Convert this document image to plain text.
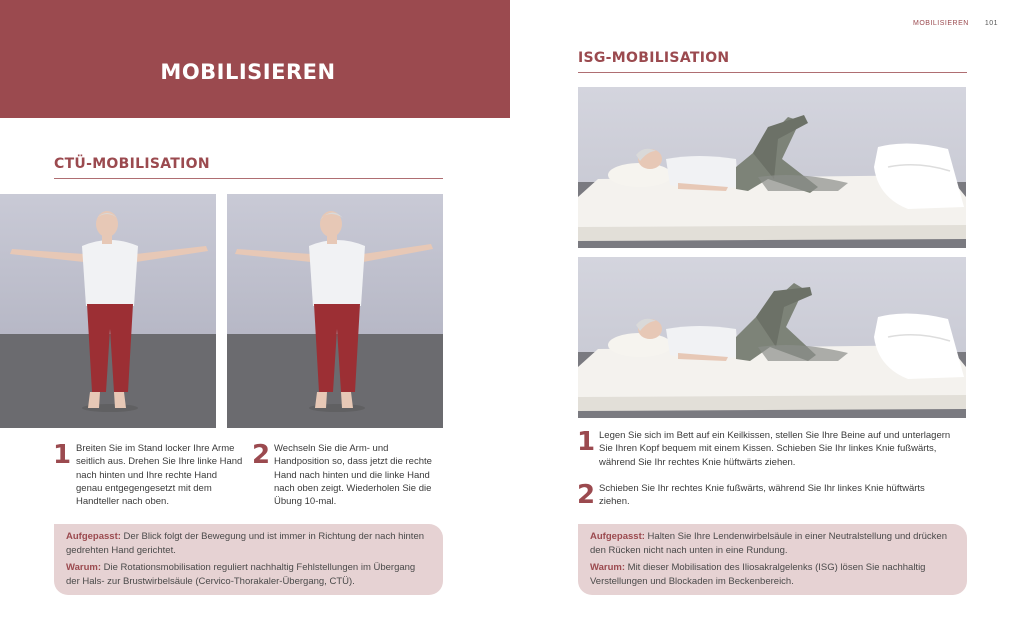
MOBILISIEREN
MOBILISIEREN 101
CTÜ-MOBILISATION
1 Breiten Sie im Stand locker Ihre Arme seitlich aus. Drehen Sie Ihre linke Hand nach hinten und Ihre rechte Hand genau entgegengesetzt mit dem Handteller nach oben.
2 Wechseln Sie die Arm- und Handposition so, dass jetzt die rechte Hand nach hinten und die linke Hand nach oben zeigt. Wiederholen Sie die Übung 10-mal.

Aufgepasst: Der Blick folgt der Bewegung und ist immer in Richtung der nach hinten gedrehten Hand gerichtet.

Warum: Die Rotationsmobilisation reguliert nachhaltig Fehlstellungen im Übergang der Hals- zur Brustwirbelsäule (Cervico-Thorakaler-Übergang, CTÜ).

ISG-MOBILISATION
1 Legen Sie sich im Bett auf ein Keilkissen, stellen Sie Ihre Beine auf und unterlagern Sie Ihren Kopf bequem mit einem Kissen. Schieben Sie Ihr linkes Knie fußwärts, während Sie Ihr rechtes Knie hüftwärts ziehen.
2 Schieben Sie Ihr rechtes Knie fußwärts, während Sie Ihr linkes Knie hüftwärts ziehen.

Aufgepasst: Halten Sie Ihre Lendenwirbelsäule in einer Neutralstellung und drücken den Rücken nicht nach unten in eine Rundung.

Warum: Mit dieser Mobilisation des Iliosakralgelenks (ISG) lösen Sie nachhaltig Verstellungen und Blockaden im Beckenbereich.
